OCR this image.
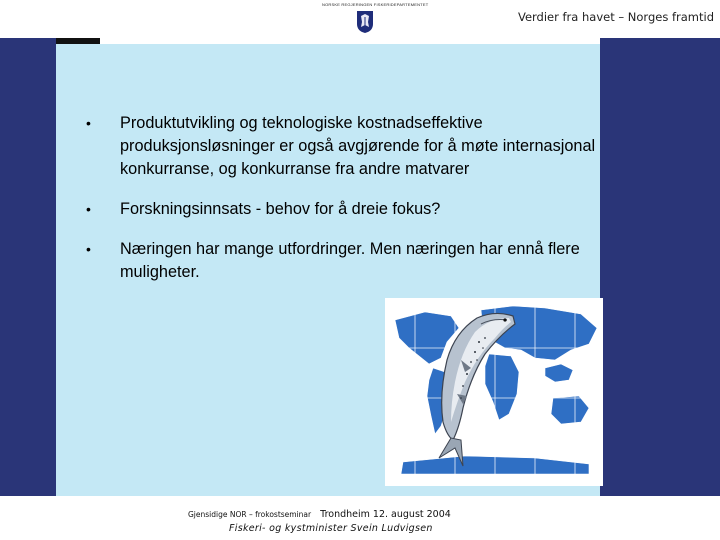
NORSKE REGJERINGEN FISKERIDEPARTEMENTET
Verdier fra havet – Norges framtid
• Produktutvikling og teknologiske kostnadseffektive produksjonsløsninger er også avgjørende for å møte internasjonal konkurranse, og konkurranse fra andre matvarer
• Forskningsinnsats - behov for å dreie fokus?
• Næringen har mange utfordringer. Men næringen har ennå flere muligheter.
Gjensidige NOR – frokostseminar Trondheim 12. august 2004
Fiskeri- og kystminister Svein Ludvigsen
